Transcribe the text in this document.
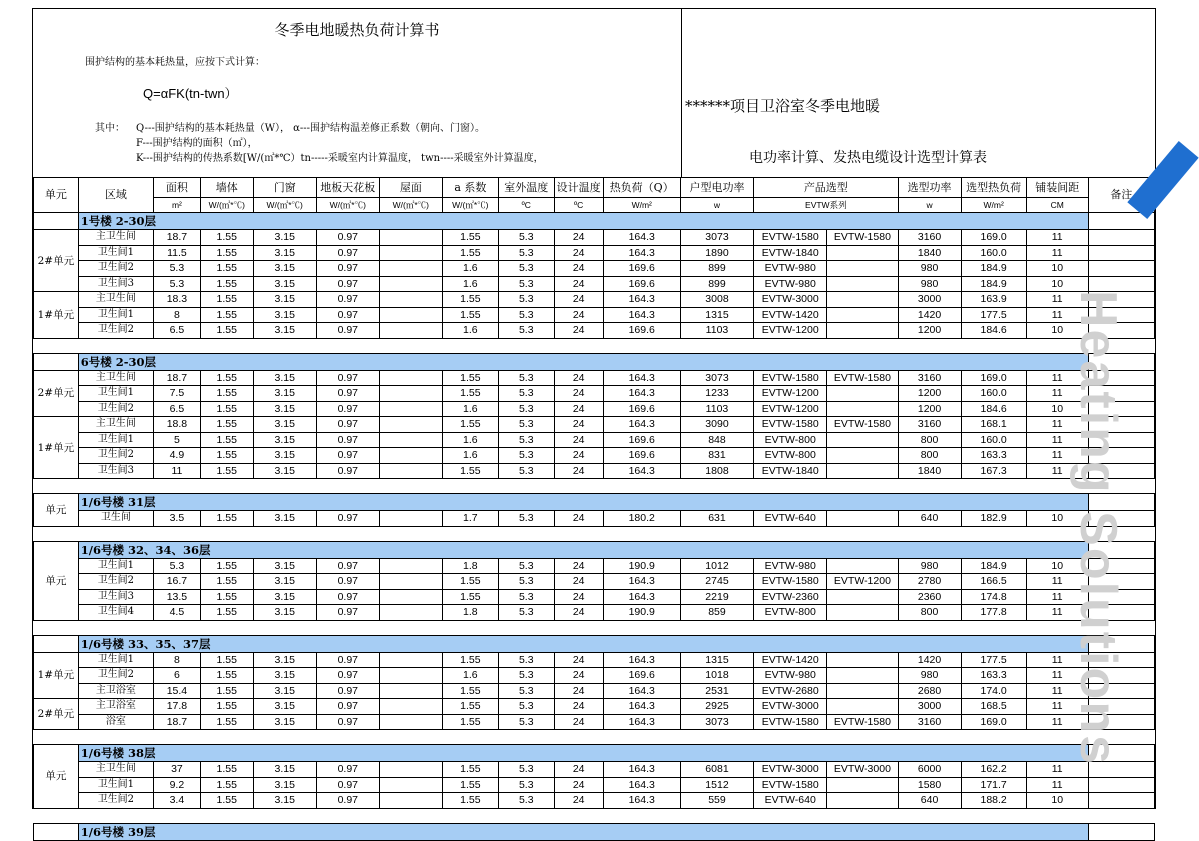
冬季电地暖热负荷计算书
围护结构的基本耗热量，应按下式计算：
Q=αFK(tn-twn）
其中： Q---围护结构的基本耗热量（W）， α---围护结构温差修正系数（朝向、门窗）。
F---围护结构的面积（㎡），
K---围护结构的传热系数[W/(㎡*℃）tn-----采暖室内计算温度， twn----采暖室外计算温度，
******项目卫浴室冬季电地暖
电功率计算、发热电缆设计选型计算表
单元	区域	面积	墙体	门窗	地板天花板	屋面	a 系数	室外温度	设计温度	热负荷（Q）	户型电功率	产品选型		选型功率	选型热负荷	铺装间距	备注
		m²	W/(㎡*℃)	W/(㎡*℃)	W/(㎡*℃)	W/(㎡*℃)	W/(㎡*℃)	ºC	ºC	W/m²	w	EVTW系列		w	W/m²	CM	
	1号楼 2-30层																
2#单元	主卫生间	18.7	1.55	3.15	0.97		1.55	5.3	24	164.3	3073	EVTW-1580	EVTW-1580	3160	169.0	11	
	卫生间1	11.5	1.55	3.15	0.97		1.55	5.3	24	164.3	1890	EVTW-1840		1840	160.0	11	
	卫生间2	5.3	1.55	3.15	0.97		1.6	5.3	24	169.6	899	EVTW-980		980	184.9	10	
	卫生间3	5.3	1.55	3.15	0.97		1.6	5.3	24	169.6	899	EVTW-980		980	184.9	10	
1#单元	主卫生间	18.3	1.55	3.15	0.97		1.55	5.3	24	164.3	3008	EVTW-3000		3000	163.9	11	
	卫生间1	8	1.55	3.15	0.97		1.55	5.3	24	164.3	1315	EVTW-1420		1420	177.5	11	
	卫生间2	6.5	1.55	3.15	0.97		1.6	5.3	24	169.6	1103	EVTW-1200		1200	184.6	10	

	6号楼 2-30层																
2#单元	主卫生间	18.7	1.55	3.15	0.97		1.55	5.3	24	164.3	3073	EVTW-1580	EVTW-1580	3160	169.0	11	
	卫生间1	7.5	1.55	3.15	0.97		1.55	5.3	24	164.3	1233	EVTW-1200		1200	160.0	11	
	卫生间2	6.5	1.55	3.15	0.97		1.6	5.3	24	169.6	1103	EVTW-1200		1200	184.6	10	
1#单元	主卫生间	18.8	1.55	3.15	0.97		1.55	5.3	24	164.3	3090	EVTW-1580	EVTW-1580	3160	168.1	11	
	卫生间1	5	1.55	3.15	0.97		1.6	5.3	24	169.6	848	EVTW-800		800	160.0	11	
	卫生间2	4.9	1.55	3.15	0.97		1.6	5.3	24	169.6	831	EVTW-800		800	163.3	11	
	卫生间3	11	1.55	3.15	0.97		1.55	5.3	24	164.3	1808	EVTW-1840		1840	167.3	11	

单元	1/6号楼 31层																
	卫生间	3.5	1.55	3.15	0.97		1.7	5.3	24	180.2	631	EVTW-640		640	182.9	10	

单元	1/6号楼 32、34、36层																
	卫生间1	5.3	1.55	3.15	0.97		1.8	5.3	24	190.9	1012	EVTW-980		980	184.9	10	
	卫生间2	16.7	1.55	3.15	0.97		1.55	5.3	24	164.3	2745	EVTW-1580	EVTW-1200	2780	166.5	11	
	卫生间3	13.5	1.55	3.15	0.97		1.55	5.3	24	164.3	2219	EVTW-2360		2360	174.8	11	
	卫生间4	4.5	1.55	3.15	0.97		1.8	5.3	24	190.9	859	EVTW-800		800	177.8	11	

	1/6号楼 33、35、37层																
1#单元	卫生间1	8	1.55	3.15	0.97		1.55	5.3	24	164.3	1315	EVTW-1420		1420	177.5	11	
	卫生间2	6	1.55	3.15	0.97		1.6	5.3	24	169.6	1018	EVTW-980		980	163.3	11	
	主卫浴室	15.4	1.55	3.15	0.97		1.55	5.3	24	164.3	2531	EVTW-2680		2680	174.0	11	
2#单元	主卫浴室	17.8	1.55	3.15	0.97		1.55	5.3	24	164.3	2925	EVTW-3000		3000	168.5	11	
	浴室	18.7	1.55	3.15	0.97		1.55	5.3	24	164.3	3073	EVTW-1580	EVTW-1580	3160	169.0	11	

单元	1/6号楼 38层																
	主卫生间	37	1.55	3.15	0.97		1.55	5.3	24	164.3	6081	EVTW-3000	EVTW-3000	6000	162.2	11	
	卫生间1	9.2	1.55	3.15	0.97		1.55	5.3	24	164.3	1512	EVTW-1580		1580	171.7	11	
	卫生间2	3.4	1.55	3.15	0.97		1.55	5.3	24	164.3	559	EVTW-640		640	188.2	10	

	1/6号楼 39层																
Heating Solutions
